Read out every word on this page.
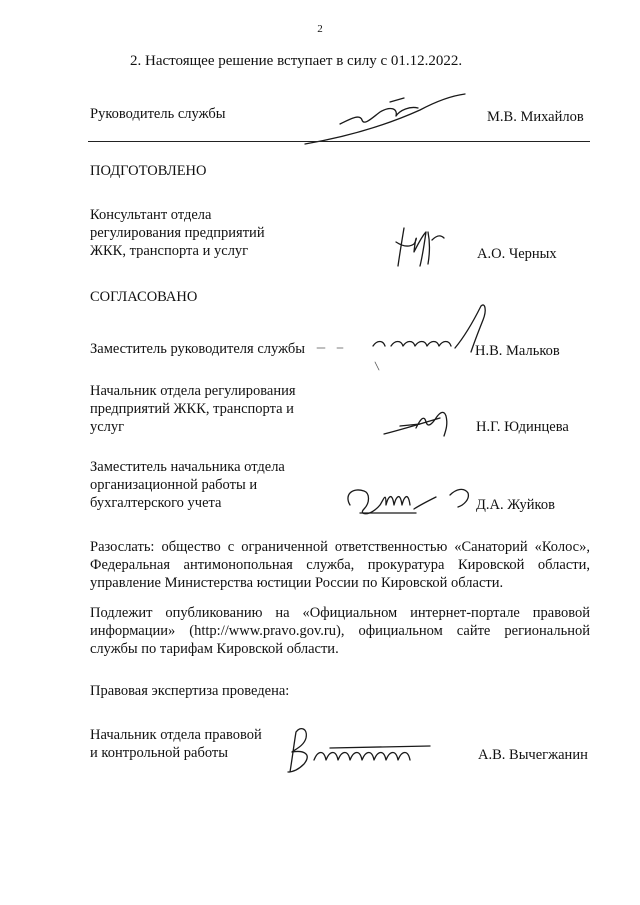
2
2. Настоящее решение вступает в силу с 01.12.2022.
Руководитель службы	М.В. Михайлов
ПОДГОТОВЛЕНО
Консультант отдела
регулирования предприятий
ЖКК, транспорта и услуг	А.О. Черных
СОГЛАСОВАНО
Заместитель руководителя службы	Н.В. Мальков
Начальник отдела регулирования
предприятий ЖКК, транспорта и
услуг	Н.Г. Юдинцева
Заместитель начальника отдела
организационной работы и
бухгалтерского учета	Д.А. Жуйков

Разослать: общество с ограниченной ответственностью «Санаторий «Колос», Федеральная антимонопольная служба, прокуратура Кировской области, управление Министерства юстиции России по Кировской области.

Подлежит опубликованию на «Официальном интернет-портале правовой информации» (http://www.pravo.gov.ru), официальном сайте региональной службы по тарифам Кировской области.

Правовая экспертиза проведена:
Начальник отдела правовой
и контрольной работы	А.В. Вычегжанин
